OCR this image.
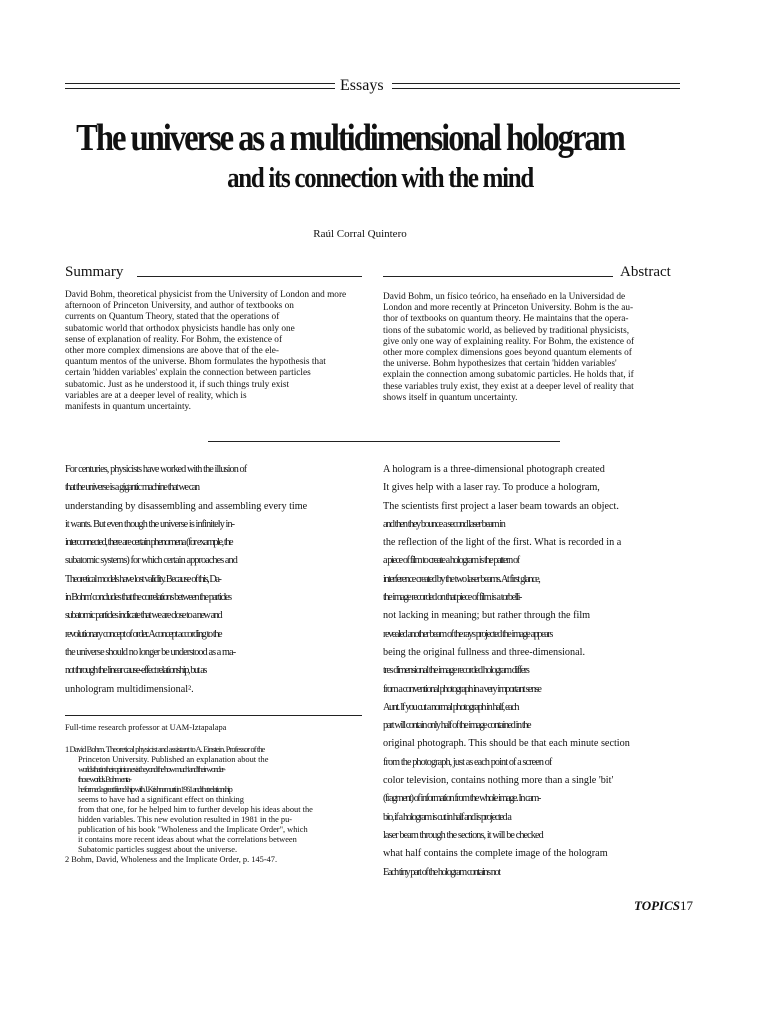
Essays
The universe as a multidimensional hologram
and its connection with the mind
Raúl Corral Quintero
Summary	Abstract
David Bohm, theoretical physicist from the University of London and more
afternoon of Princeton University, and author of textbooks on
currents on Quantum Theory, stated that the operations of
subatomic world that orthodox physicists handle has only one
sense of explanation of reality. For Bohm, the existence of
other more complex dimensions are above that of the ele-
quantum mentos of the universe. Bhom formulates the hypothesis that
certain 'hidden variables' explain the connection between particles
subatomic. Just as he understood it, if such things truly exist
variables are at a deeper level of reality, which is
manifests in quantum uncertainty.
David Bohm, un físico teórico, ha enseñado en la Universidad de
London and more recently at Princeton University. Bohm is the au-
thor of textbooks on quantum theory. He maintains that the opera-
tions of the subatomic world, as believed by traditional physicists,
give only one way of explaining reality. For Bohm, the existence of
other more complex dimensions goes beyond quantum elements of
the universe. Bohm hypothesizes that certain 'hidden variables'
explain the connection among subatomic particles. He holds that, if
these variables truly exist, they exist at a deeper level of reality that
shows itself in quantum uncertainty.
For centuries, physicists have worked with the illusion of
that the universe is a gigantic machine that we can
understanding by disassembling and assembling every time
it wants. But even though the universe is infinitely in-
interconnected, there are certain phenomena (for example, the
subatomic systems) for which certain approaches and
Theoretical models have lost validity. Because of this, Da-
in Bohm' concludes that the correlations between the particles
subatomic particles indicate that we are close to a new and
revolutionary concept of order. A concept according to the
the universe should no longer be understood as a ma-
not through the linear cause-effect relationship, but as
unhologram multidimensional².
A hologram is a three-dimensional photograph created
It gives help with a laser ray. To produce a hologram,
The scientists first project a laser beam towards an object.
and then they bounce a second laser beam in
the reflection of the light of the first. What is recorded in a
a piece of film to create a hologram is the pattern of
interference created by the two laser beams. At first glance,
the image recorded on that piece of film is a torbelli-
not lacking in meaning; but rather through the film
revealed another beam of the rays projected the image appears
being the original fullness and three-dimensional.
tres dimensional the image recorded hologram differs
from a conventional photograph in a very important sense
Aunt. If you cut a normal photograph in half, each
part will contain only half of the image contained in the
original photograph. This should be that each minute section
from the photograph, just as each point of a screen of
color television, contains nothing more than a single 'bit'
(fragment) of information from the whole image. In cam-
bio, if a hologram is cut in half and is projected a
laser beam through the sections, it will be checked
what half contains the complete image of the hologram
Each tiny part of the hologram contains not
Full-time research professor at UAM-Iztapalapa
1 David Bohm. Theoretical physicist and assistant to A. Einstein. Professor of the
Princeton University. Published an explanation about the
worlds that in their opinion exist beyond the 'how much' and 'their wonder-
those worlds. Bohm enta-
he formed a great friendship with J. Krishnamurti in 1961 and that relationship
seems to have had a significant effect on thinking
from that one, for he helped him to further develop his ideas about the
hidden variables. This new evolution resulted in 1981 in the pu-
publication of his book "Wholeness and the Implicate Order", which
it contains more recent ideas about what the correlations between
Subatomic particles suggest about the universe.
2 Bohm, David, Wholeness and the Implicate Order, p. 145-47.
TOPICS17
